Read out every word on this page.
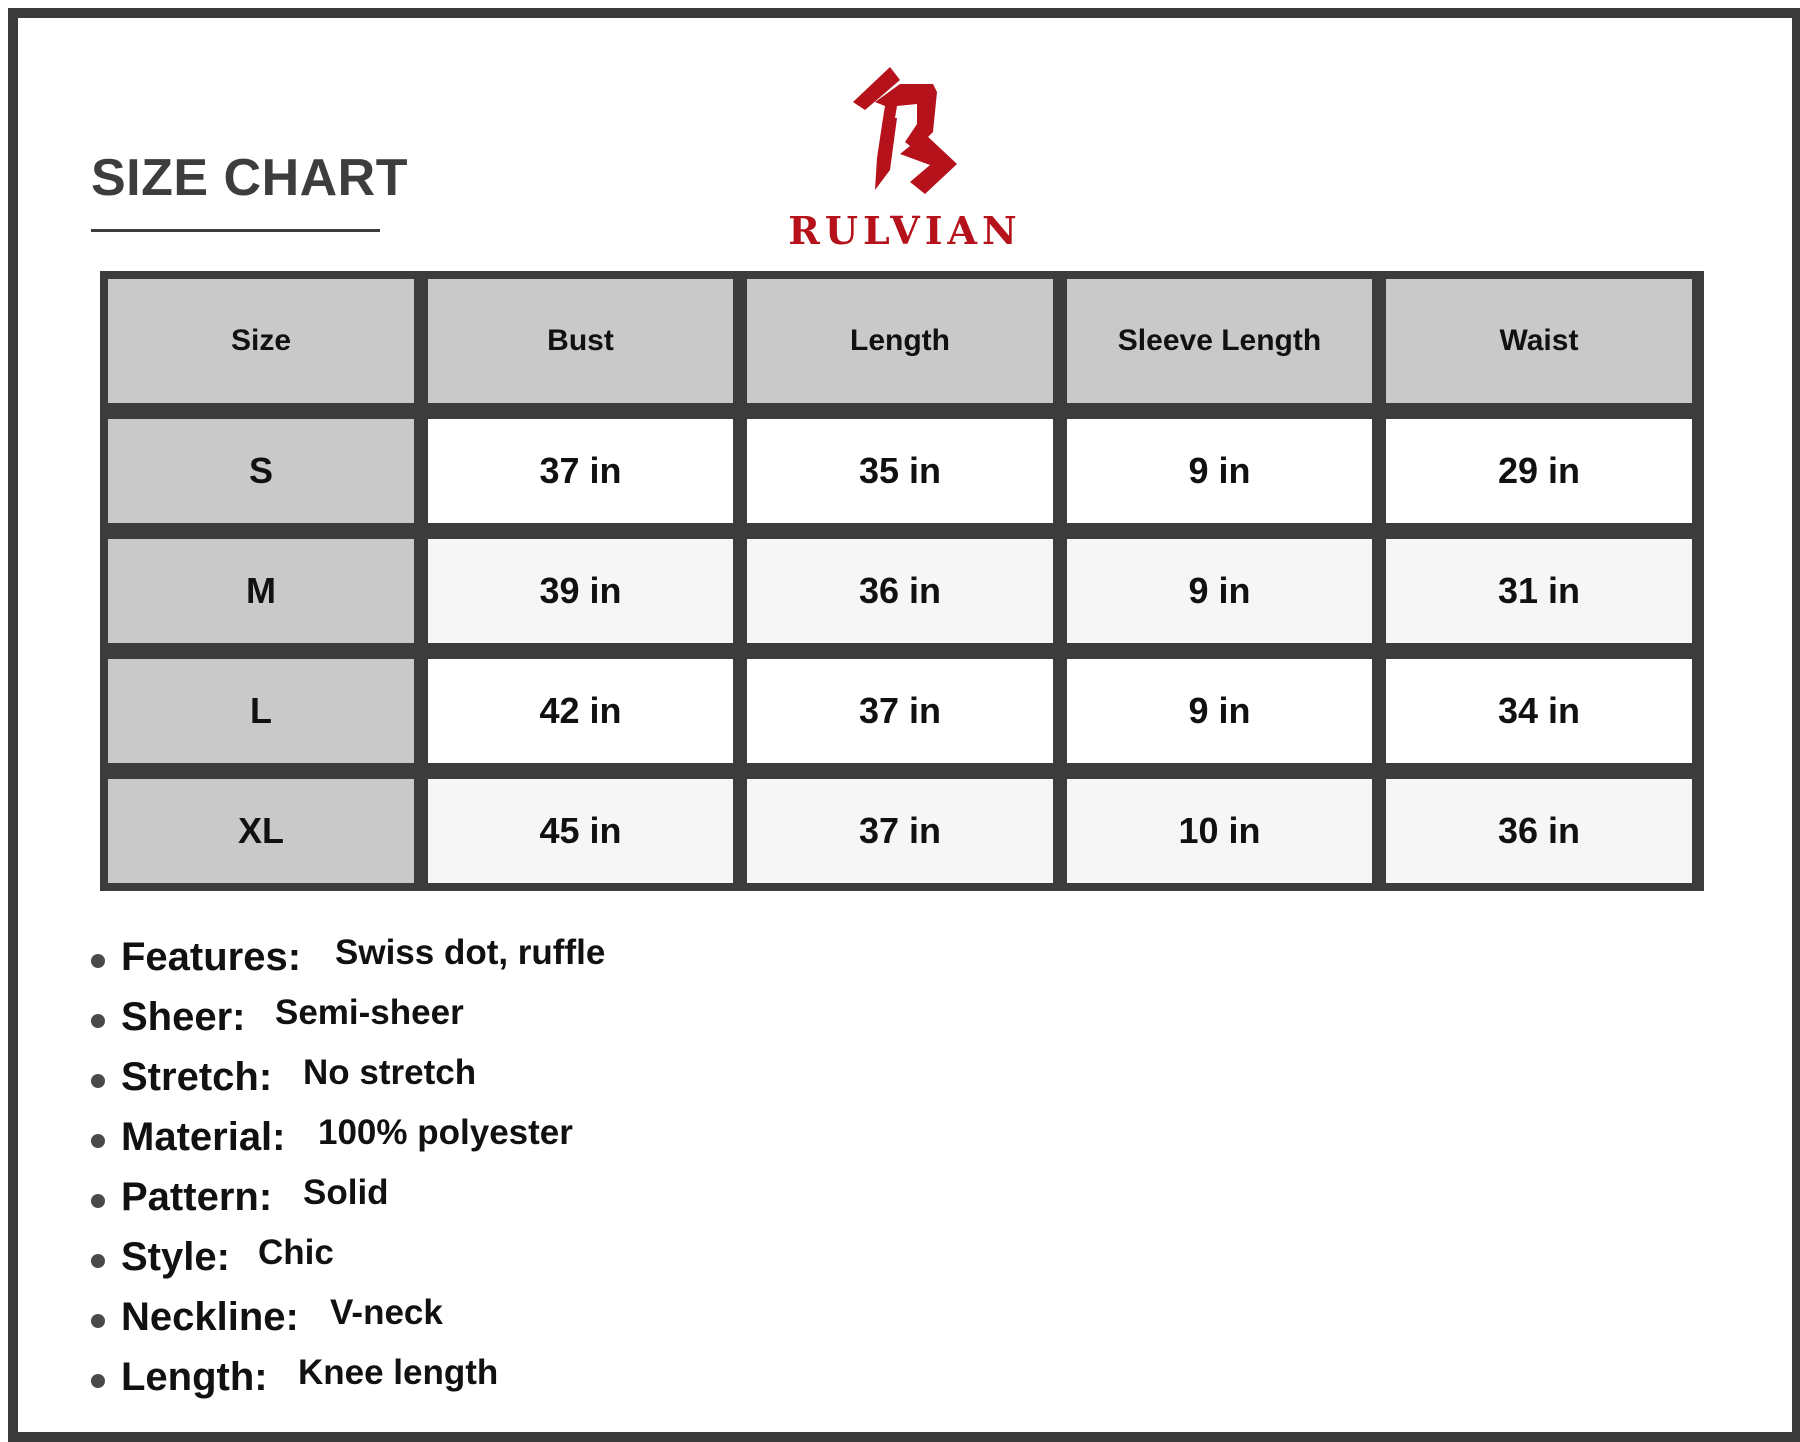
SIZE CHART
RULVIAN
Size	Bust	Length	Sleeve Length	Waist
S	37 in	35 in	9 in	29 in
M	39 in	36 in	9 in	31 in
L	42 in	37 in	9 in	34 in
XL	45 in	37 in	10 in	36 in
Features: Swiss dot, ruffle
Sheer: Semi-sheer
Stretch: No stretch
Material: 100% polyester
Pattern: Solid
Style: Chic
Neckline: V-neck
Length: Knee length
